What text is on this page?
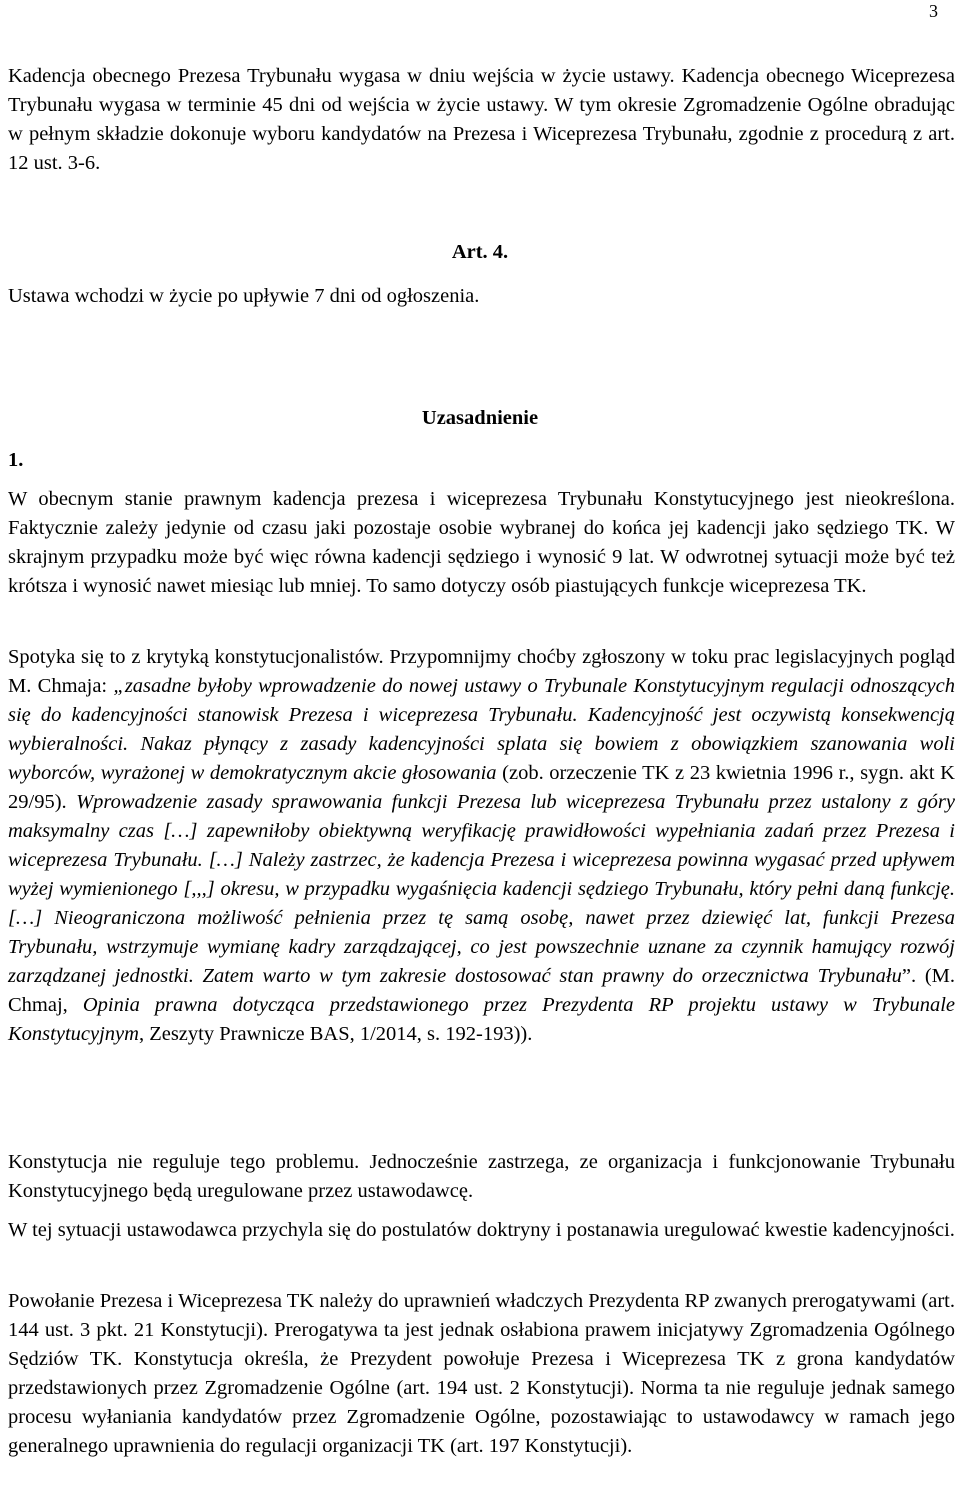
3

Kadencja obecnego Prezesa Trybunału wygasa w dniu wejścia w życie ustawy. Kadencja obecnego Wiceprezesa Trybunału wygasa w terminie 45 dni od wejścia w życie ustawy. W tym okresie Zgromadzenie Ogólne obradując w pełnym składzie dokonuje wyboru kandydatów na Prezesa i Wiceprezesa Trybunału, zgodnie z procedurą z art. 12 ust. 3-6.

Art. 4.
Ustawa wchodzi w życie po upływie 7 dni od ogłoszenia.
Uzasadnienie
1.

W obecnym stanie prawnym kadencja prezesa i wiceprezesa Trybunału Konstytucyjnego jest nieokreślona. Faktycznie zależy jedynie od czasu jaki pozostaje osobie wybranej do końca jej kadencji jako sędziego TK. W skrajnym przypadku może być więc równa kadencji sędziego i wynosić 9 lat. W odwrotnej sytuacji może być też krótsza i wynosić nawet miesiąc lub mniej. To samo dotyczy osób piastujących funkcje wiceprezesa TK.

Spotyka się to z krytyką konstytucjonalistów. Przypomnijmy choćby zgłoszony w toku prac legislacyjnych pogląd M. Chmaja: „zasadne byłoby wprowadzenie do nowej ustawy o Trybunale Konstytucyjnym regulacji odnoszących się do kadencyjności stanowisk Prezesa i wiceprezesa Trybunału. Kadencyjność jest oczywistą konsekwencją wybieralności. Nakaz płynący z zasady kadencyjności splata się bowiem z obowiązkiem szanowania woli wyborców, wyrażonej w demokratycznym akcie głosowania (zob. orzeczenie TK z 23 kwietnia 1996 r., sygn. akt K 29/95). Wprowadzenie zasady sprawowania funkcji Prezesa lub wiceprezesa Trybunału przez ustalony z góry maksymalny czas […] zapewniłoby obiektywną weryfikację prawidłowości wypełniania zadań przez Prezesa i wiceprezesa Trybunału. […] Należy zastrzec, że kadencja Prezesa i wiceprezesa powinna wygasać przed upływem wyżej wymienionego [,,,] okresu, w przypadku wygaśnięcia kadencji sędziego Trybunału, który pełni daną funkcję. […] Nieograniczona możliwość pełnienia przez tę samą osobę, nawet przez dziewięć lat, funkcji Prezesa Trybunału, wstrzymuje wymianę kadry zarządzającej, co jest powszechnie uznane za czynnik hamujący rozwój zarządzanej jednostki. Zatem warto w tym zakresie dostosować stan prawny do orzecznictwa Trybunału”. (M. Chmaj, Opinia prawna dotycząca przedstawionego przez Prezydenta RP projektu ustawy w Trybunale Konstytucyjnym, Zeszyty Prawnicze BAS, 1/2014, s. 192-193)).

Konstytucja nie reguluje tego problemu. Jednocześnie zastrzega, ze organizacja i funkcjonowanie Trybunału Konstytucyjnego będą uregulowane przez ustawodawcę.

W tej sytuacji ustawodawca przychyla się do postulatów doktryny i postanawia uregulować kwestie kadencyjności.

Powołanie Prezesa i Wiceprezesa TK należy do uprawnień władczych Prezydenta RP zwanych prerogatywami (art. 144 ust. 3 pkt. 21 Konstytucji). Prerogatywa ta jest jednak osłabiona prawem inicjatywy Zgromadzenia Ogólnego Sędziów TK. Konstytucja określa, że Prezydent powołuje Prezesa i Wiceprezesa TK z grona kandydatów przedstawionych przez Zgromadzenie Ogólne (art. 194 ust. 2 Konstytucji). Norma ta nie reguluje jednak samego procesu wyłaniania kandydatów przez Zgromadzenie Ogólne, pozostawiając to ustawodawcy w ramach jego generalnego uprawnienia do regulacji organizacji TK (art. 197 Konstytucji).
